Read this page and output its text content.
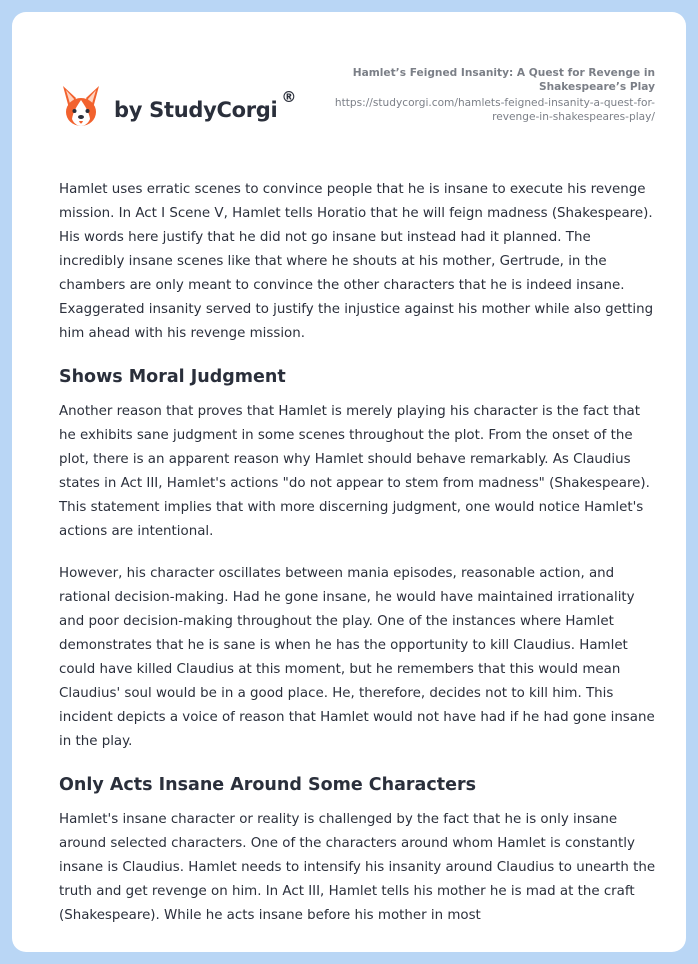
by StudyCorgi
®
Hamlet’s Feigned Insanity: A Quest for Revenge in Shakespeare’s Play
https://studycorgi.com/hamlets-feigned-insanity-a-quest-for-revenge-in-shakespeares-play/

Hamlet uses erratic scenes to convince people that he is insane to execute his revenge mission. In Act I Scene V, Hamlet tells Horatio that he will feign madness (Shakespeare). His words here justify that he did not go insane but instead had it planned. The incredibly insane scenes like that where he shouts at his mother, Gertrude, in the chambers are only meant to convince the other characters that he is indeed insane. Exaggerated insanity served to justify the injustice against his mother while also getting him ahead with his revenge mission.

Shows Moral Judgment

Another reason that proves that Hamlet is merely playing his character is the fact that he exhibits sane judgment in some scenes throughout the plot. From the onset of the plot, there is an apparent reason why Hamlet should behave remarkably. As Claudius states in Act III, Hamlet's actions "do not appear to stem from madness" (Shakespeare). This statement implies that with more discerning judgment, one would notice Hamlet's actions are intentional.

However, his character oscillates between mania episodes, reasonable action, and rational decision-making. Had he gone insane, he would have maintained irrationality and poor decision-making throughout the play. One of the instances where Hamlet demonstrates that he is sane is when he has the opportunity to kill Claudius. Hamlet could have killed Claudius at this moment, but he remembers that this would mean Claudius' soul would be in a good place. He, therefore, decides not to kill him. This incident depicts a voice of reason that Hamlet would not have had if he had gone insane in the play.

Only Acts Insane Around Some Characters

Hamlet's insane character or reality is challenged by the fact that he is only insane around selected characters. One of the characters around whom Hamlet is constantly insane is Claudius. Hamlet needs to intensify his insanity around Claudius to unearth the truth and get revenge on him. In Act III, Hamlet tells his mother he is mad at the craft (Shakespeare). While he acts insane before his mother in most
